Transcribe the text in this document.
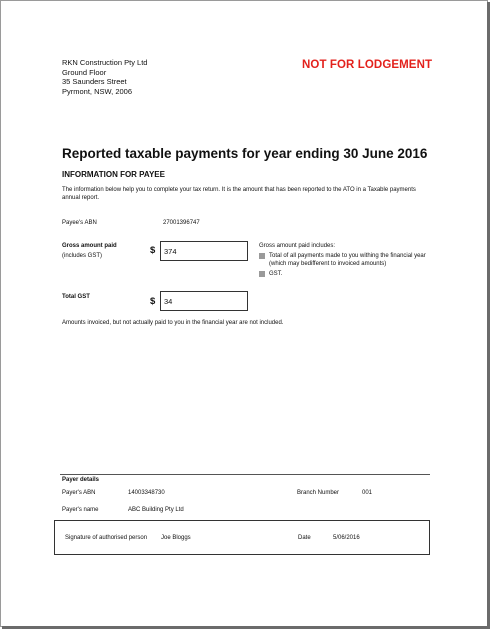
RKN Construction Pty Ltd
Ground Floor
35 Saunders Street
Pyrmont, NSW, 2006
NOT FOR LODGEMENT
Reported taxable payments for year ending 30 June 2016
INFORMATION FOR PAYEE
The information below help you to complete your tax return. It is the amount that has been reported to the ATO in a Taxable payments annual report.
Payee's ABN	27001396747
Gross amount paid
(includes GST)	$ 374
Gross amount paid includes:
Total of all payments made to you withing the financial year (which may bedifferent to invoiced amounts)
GST.
Total GST	$ 34
Amounts invoiced, but not actually paid to you in the financial year are not included.
Payer details
Payer's ABN	14003348730	Branch Number	001
Payer's name	ABC Building Pty Ltd
Signature of authorised person Joe Bloggs	Date	5/06/2016
